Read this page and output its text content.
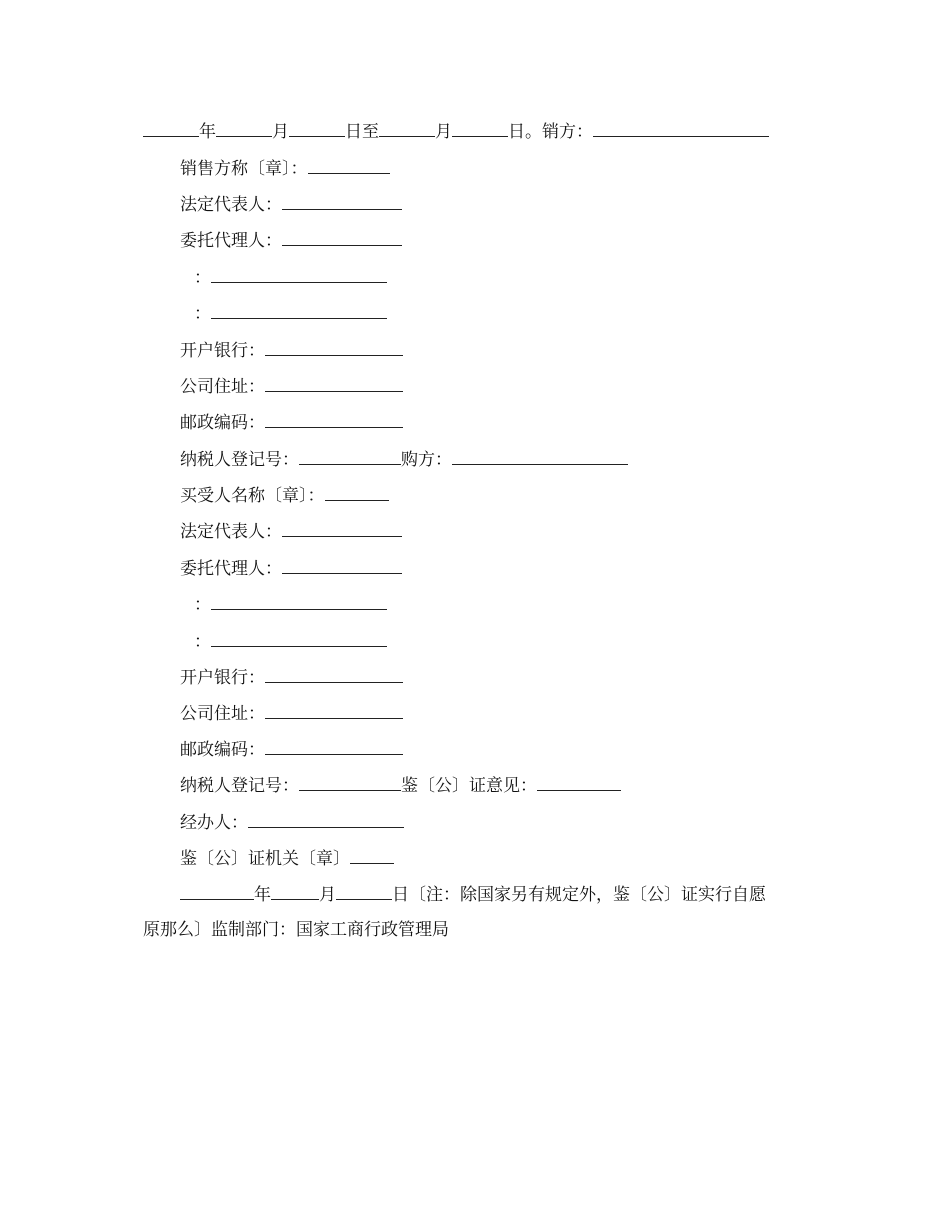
年	月	日至	月	日。销方：
销售方称〔章〕：
法定代表人：
委托代理人：
：
：
开户银行：
公司住址：
邮政编码：
纳税人登记号：	购方：
买受人名称〔章〕：
法定代表人：
委托代理人：
：
：
开户银行：
公司住址：
邮政编码：
纳税人登记号：	鉴〔公〕证意见：
经办人：
鉴〔公〕证机关〔章〕
年	月	日〔注：除国家另有规定外，鉴〔公〕证实行自愿
原那么〕监制部门：国家工商行政管理局
